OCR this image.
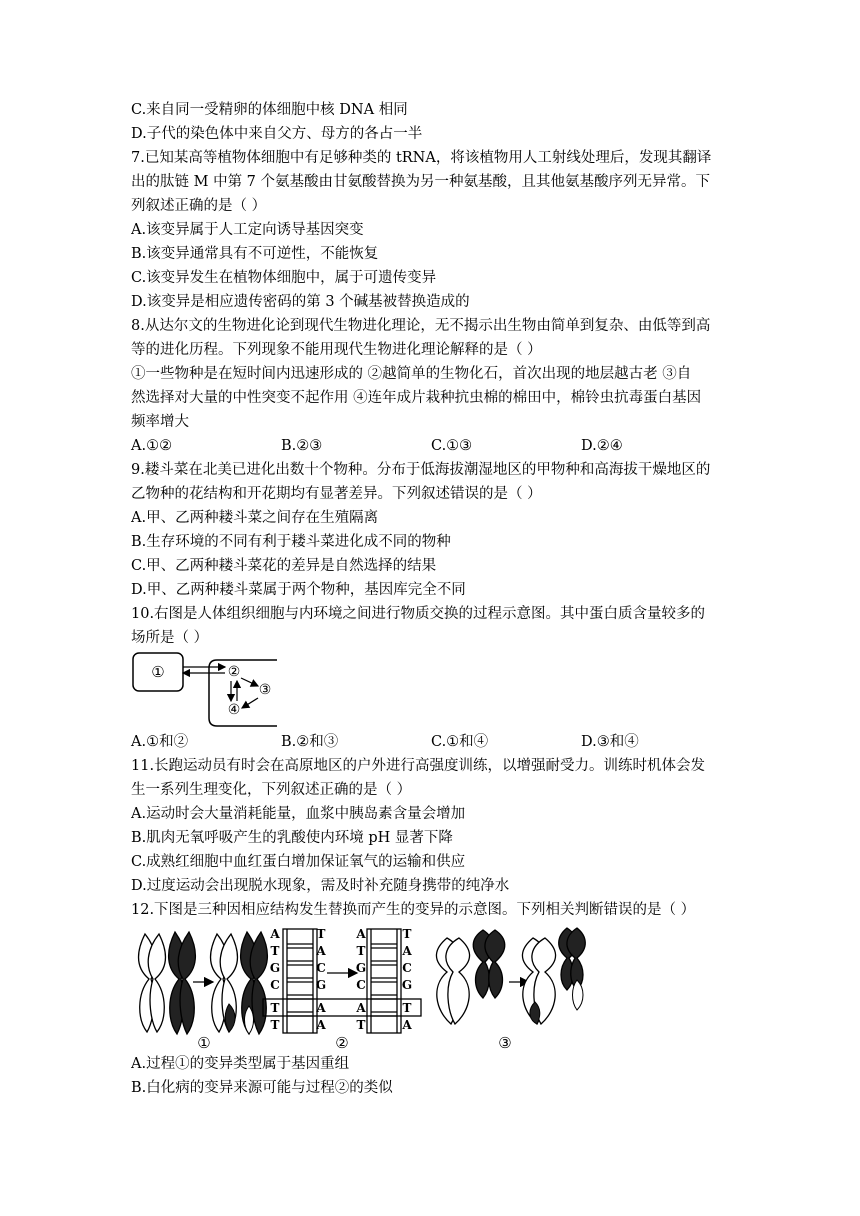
C.来自同一受精卵的体细胞中核 DNA 相同
D.子代的染色体中来自父方、母方的各占一半
7.已知某高等植物体细胞中有足够种类的 tRNA，将该植物用人工射线处理后，发现其翻译
出的肽链 M 中第 7 个氨基酸由甘氨酸替换为另一种氨基酸，且其他氨基酸序列无异常。下
列叙述正确的是（ ）
A.该变异属于人工定向诱导基因突变
B.该变异通常具有不可逆性，不能恢复
C.该变异发生在植物体细胞中，属于可遗传变异
D.该变异是相应遗传密码的第 3 个碱基被替换造成的
8.从达尔文的生物进化论到现代生物进化理论，无不揭示出生物由简单到复杂、由低等到高
等的进化历程。下列现象不能用现代生物进化理论解释的是（ ）
①一些物种是在短时间内迅速形成的 ②越简单的生物化石，首次出现的地层越古老 ③自
然选择对大量的中性突变不起作用 ④连年成片栽种抗虫棉的棉田中，棉铃虫抗毒蛋白基因
频率增大
A.①②	B.②③	C.①③	D.②④
9.耧斗菜在北美已进化出数十个物种。分布于低海拔潮湿地区的甲物种和高海拔干燥地区的
乙物种的花结构和开花期均有显著差异。下列叙述错误的是（ ）
A.甲、乙两种耧斗菜之间存在生殖隔离
B.生存环境的不同有利于耧斗菜进化成不同的物种
C.甲、乙两种耧斗菜花的差异是自然选择的结果
D.甲、乙两种耧斗菜属于两个物种，基因库完全不同
10.右图是人体组织细胞与内环境之间进行物质交换的过程示意图。其中蛋白质含量较多的
场所是（ ）
①	②
③
④
A.①和②	B.②和③	C.①和④	D.③和④
11.长跑运动员有时会在高原地区的户外进行高强度训练，以增强耐受力。训练时机体会发
生一系列生理变化，下列叙述正确的是（ ）
A.运动时会大量消耗能量，血浆中胰岛素含量会增加
B.肌肉无氧呼吸产生的乳酸使内环境 pH 显著下降
C.成熟红细胞中血红蛋白增加保证氧气的运输和供应
D.过度运动会出现脱水现象，需及时补充随身携带的纯净水
12.下图是三种因相应结构发生替换而产生的变异的示意图。下列相关判断错误的是（ ）
A
T
G
C
T
T
T
A
C
G
A
A
A
T
G
C
A
T
T
A
C
G
T
A
①	②	③
A.过程①的变异类型属于基因重组
B.白化病的变异来源可能与过程②的类似
